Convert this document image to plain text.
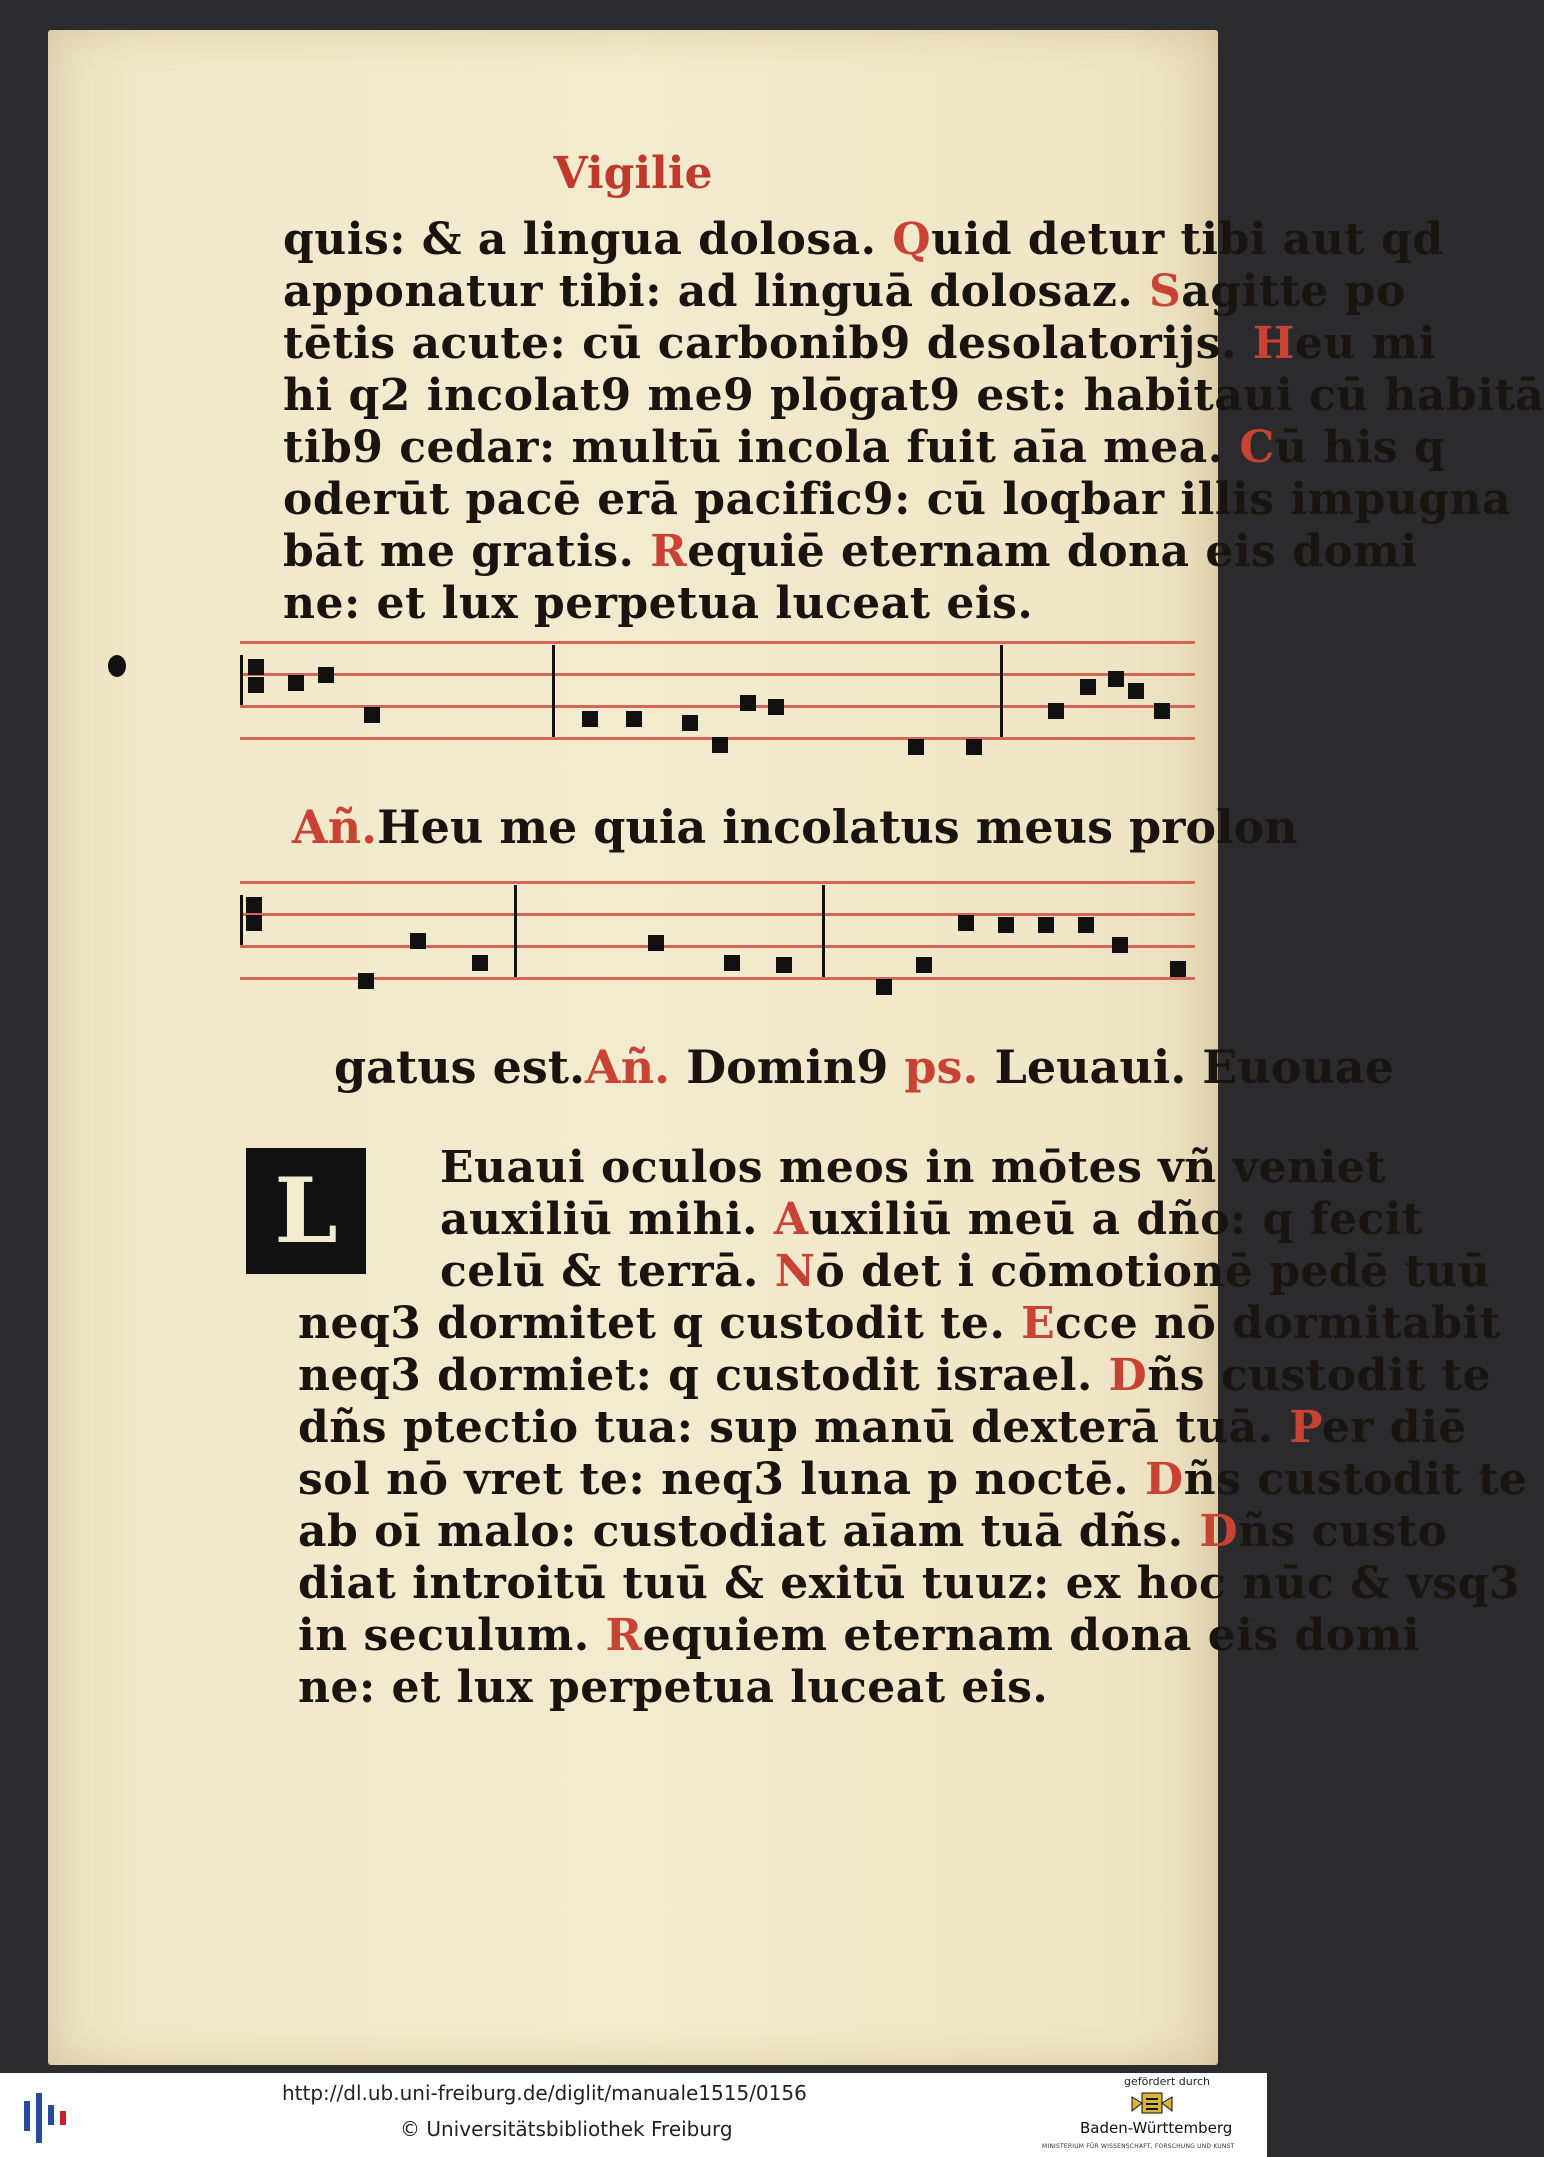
Vigilie
quis: & a lingua dolosa. Quid detur tibi aut qd
apponatur tibi: ad linguā dolosaz. Sagitte po
tētis acute: cū carbonib9 desolatorijs. Heu mi
hi q2 incolat9 me9 plōgat9 est: habitaui cū habitā
tib9 cedar: multū incola fuit aīa mea. Cū his q
oderūt pacē erā pacific9: cū loqbar illis impugna
bāt me gratis. Requiē eternam dona eis domi
ne: et lux perpetua luceat eis.
Añ.Heu me quia incolatus meus prolon
gatus est.Añ. Domin9 ps. Leuaui. Euouae
L	Euaui oculos meos in mōtes vñ veniet
auxiliū mihi. Auxiliū meū a dño: q fecit
celū & terrā. Nō det i cōmotionē pedē tuū
neq3 dormitet q custodit te. Ecce nō dormitabit
neq3 dormiet: q custodit israel. Dñs custodit te
dñs ptectio tua: sup manū dexterā tuā. Per diē
sol nō vret te: neq3 luna p noctē. Dñs custodit te
ab oī malo: custodiat aīam tuā dñs. Dñs custo
diat introitū tuū & exitū tuuz: ex hoc nūc & vsq3
in seculum. Requiem eternam dona eis domi
ne: et lux perpetua luceat eis.
http://dl.ub.uni-freiburg.de/diglit/manuale1515/0156
© Universitätsbibliothek Freiburg
gefördert durch
Baden-Württemberg
MINISTERIUM FÜR WISSENSCHAFT, FORSCHUNG UND KUNST
